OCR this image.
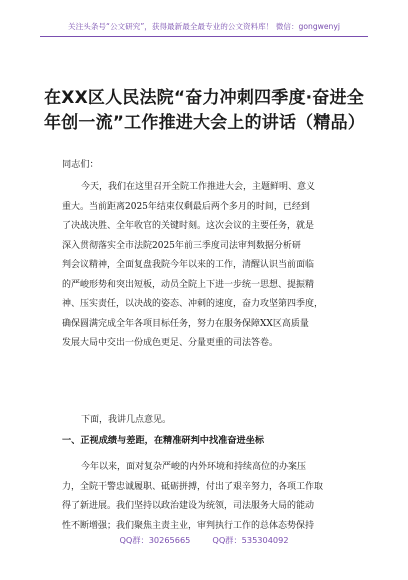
关注头条号“公文研究”，获得最新最全最专业的公文资料库！ 微信：gongwenyj
在XX区人民法院“奋力冲刺四季度·奋进全
年创一流”工作推进大会上的讲话（精品）
同志们：
今天，我们在这里召开全院工作推进大会，主题鲜明、意义
重大。当前距离2025年结束仅剩最后两个多月的时间，已经到
了决战决胜、全年收官的关键时刻。这次会议的主要任务，就是
深入贯彻落实全市法院2025年前三季度司法审判数据分析研
判会议精神，全面复盘我院今年以来的工作，清醒认识当前面临
的严峻形势和突出短板，动员全院上下进一步统一思想、提振精
神、压实责任，以决战的姿态、冲刺的速度，奋力攻坚第四季度，
确保圆满完成全年各项目标任务，努力在服务保障XX区高质量
发展大局中交出一份成色更足、分量更重的司法答卷。
下面，我讲几点意见。
一、正视成绩与差距，在精准研判中找准奋进坐标
今年以来，面对复杂严峻的内外环境和持续高位的办案压
力，全院干警忠诚履职、砥砺拼搏，付出了艰辛努力，各项工作取
得了新进展。我们坚持以政治建设为统领，司法服务大局的能动
性不断增强；我们聚焦主责主业，审判执行工作的总体态势保持
QQ群：30265665	QQ群：535304092
